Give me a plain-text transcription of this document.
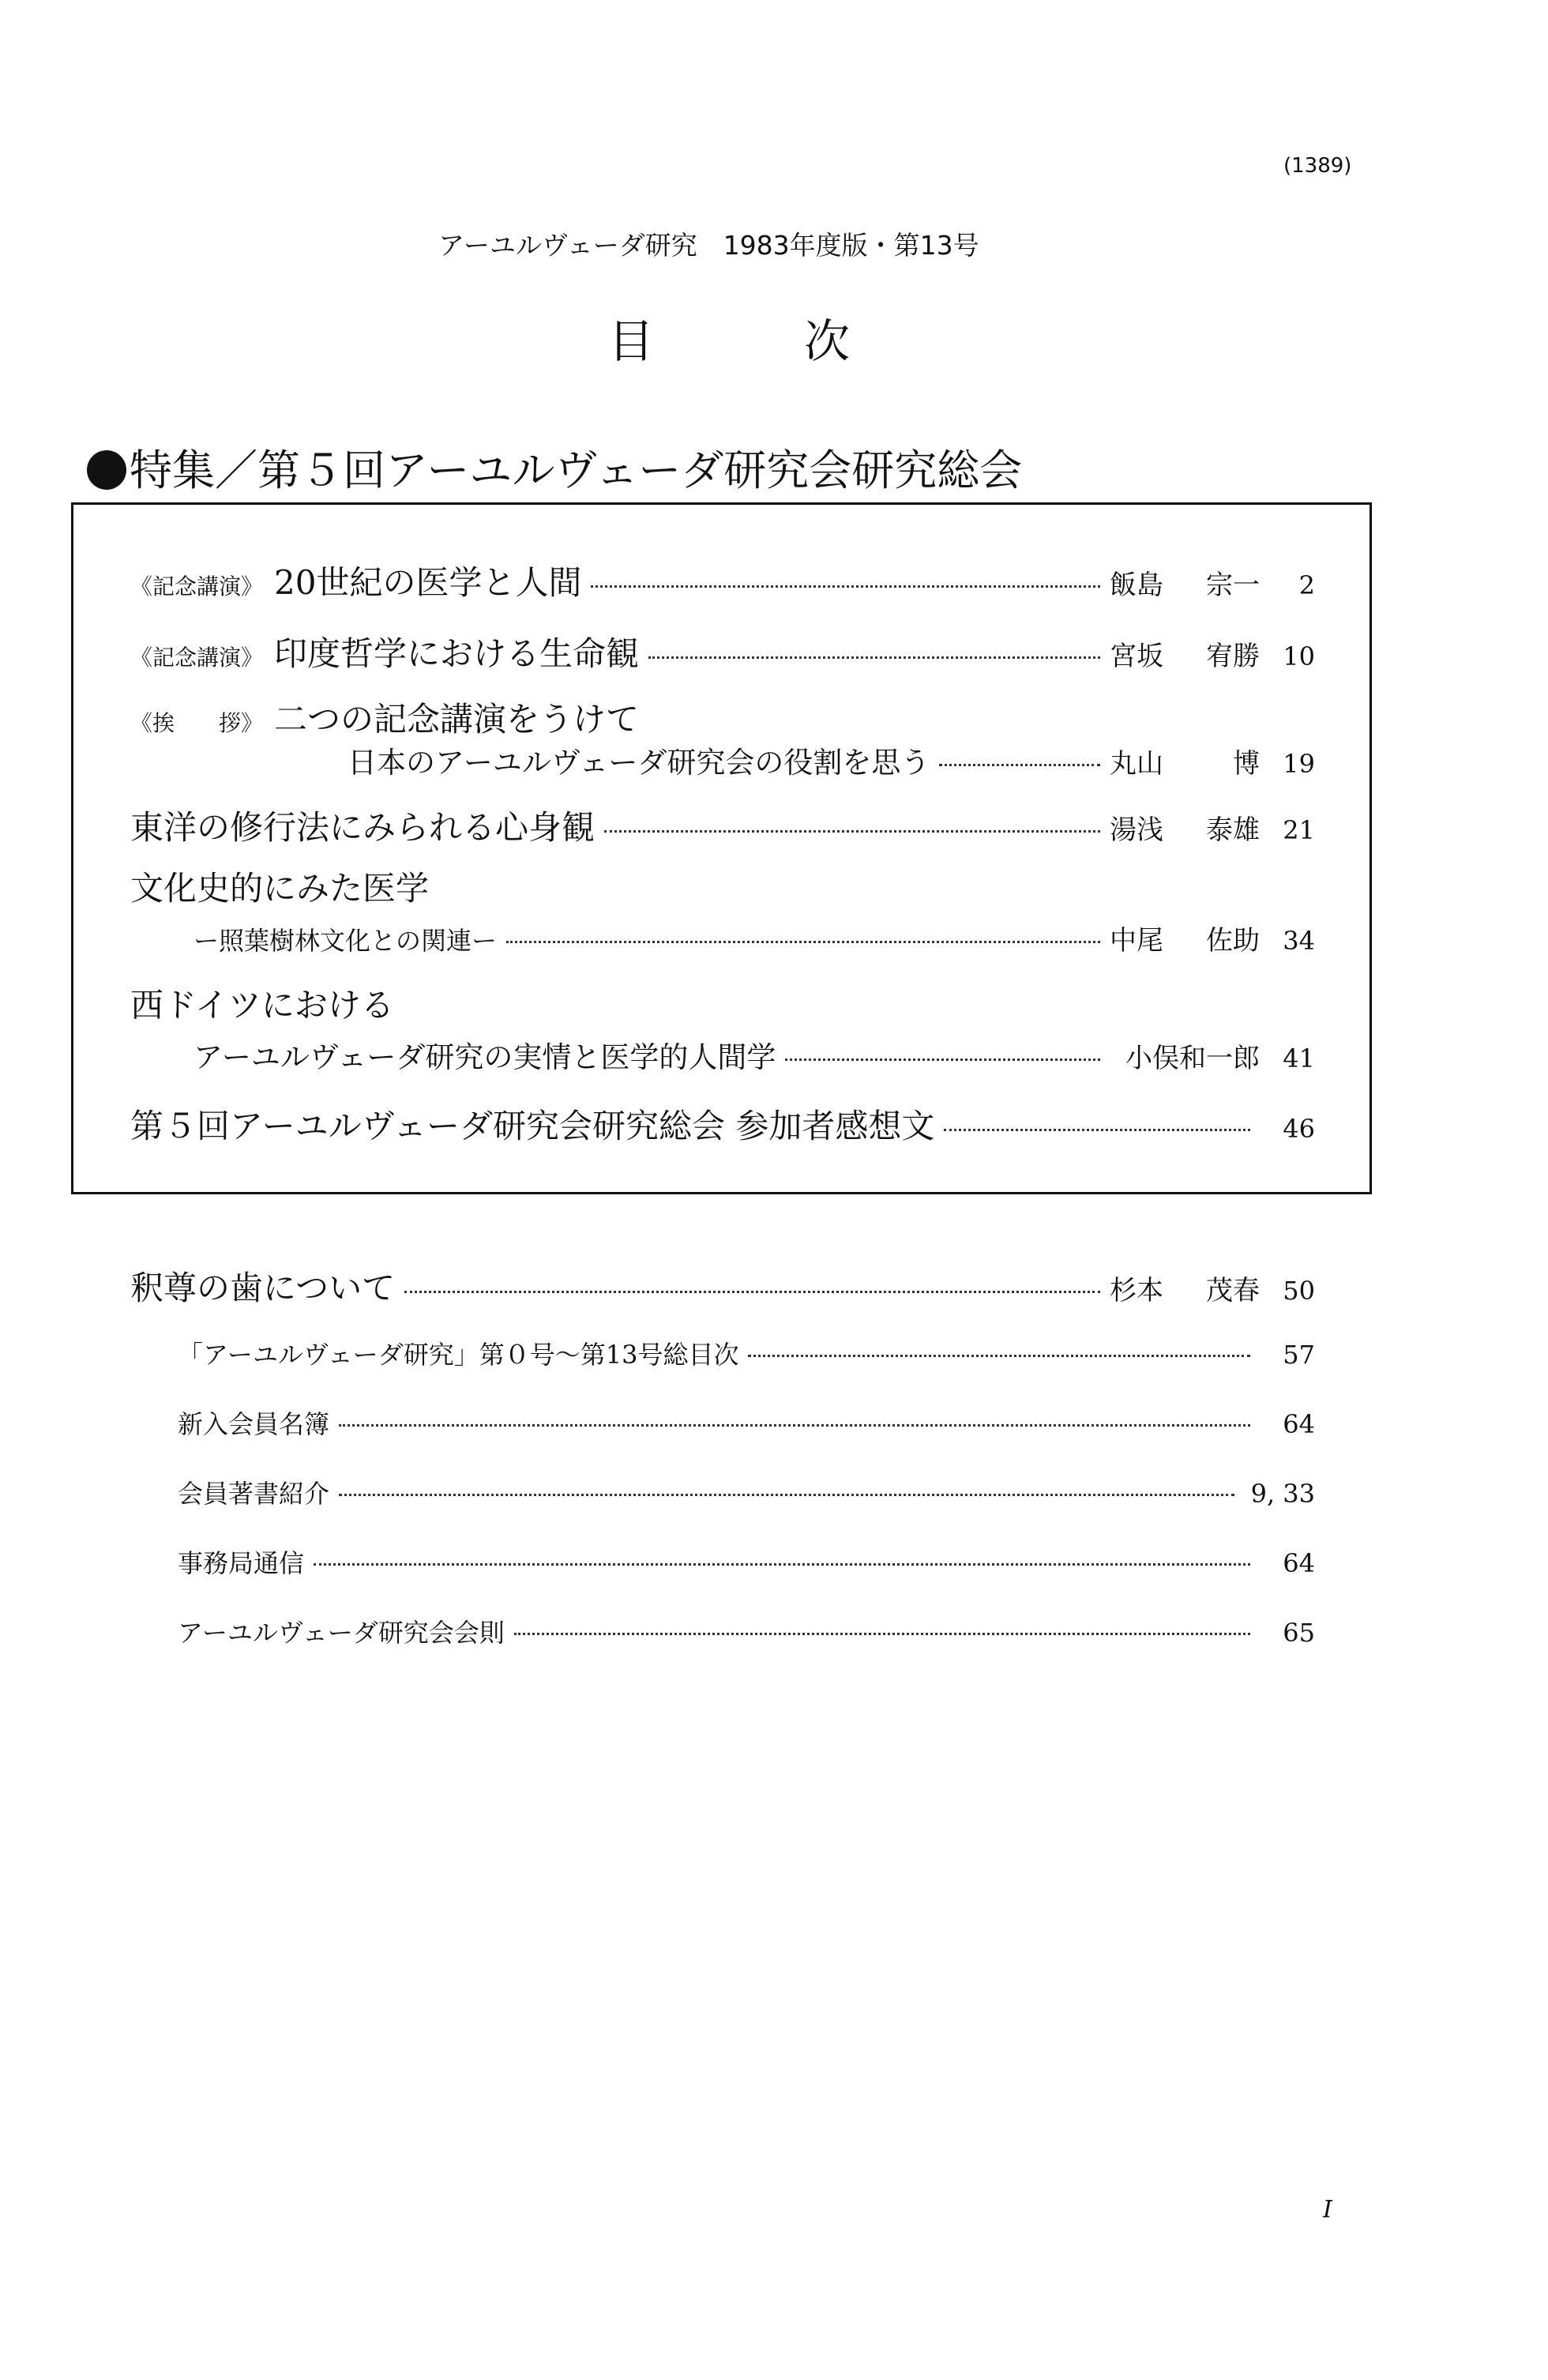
(1389)
アーユルヴェーダ研究　1983年度版・第13号
目次
特集／第５回アーユルヴェーダ研究会研究総会
《記念講演》 20世紀の医学と人間	飯島 宗一	2
《記念講演》 印度哲学における生命観	宮坂 宥勝 10
《挨　　拶》 二つの記念講演をうけて
日本のアーユルヴェーダ研究会の役割を思う	丸山	博 19
東洋の修行法にみられる心身観	湯浅 泰雄 21
文化史的にみた医学
ー照葉樹林文化との関連ー	中尾 佐助 34
西ドイツにおける
アーユルヴェーダ研究の実情と医学的人間学	小俣和一郎 41
第５回アーユルヴェーダ研究会研究総会 参加者感想文	46
釈尊の歯について	杉本 茂春 50
「アーユルヴェーダ研究」第０号〜第13号総目次	57
新入会員名簿	64
会員著書紹介	9, 33
事務局通信	64
アーユルヴェーダ研究会会則	65
I
